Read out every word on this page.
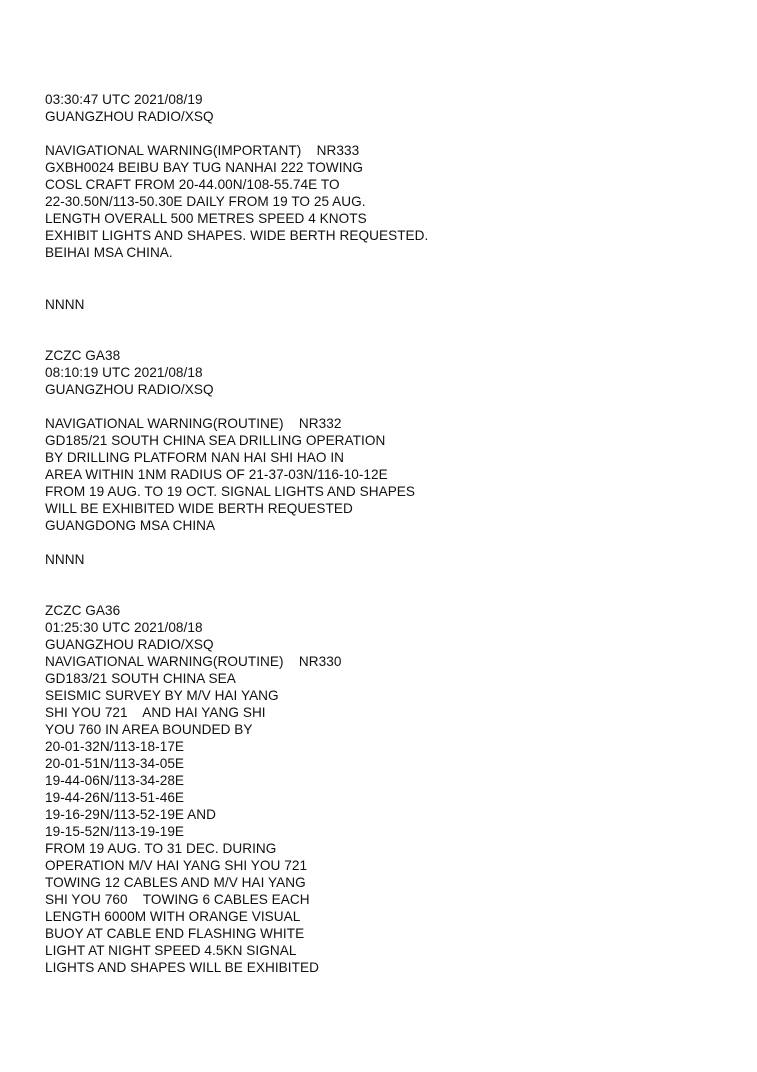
03:30:47 UTC 2021/08/19
GUANGZHOU RADIO/XSQ
NAVIGATIONAL WARNING(IMPORTANT)    NR333
GXBH0024 BEIBU BAY TUG NANHAI 222 TOWING
COSL CRAFT FROM 20-44.00N/108-55.74E TO
22-30.50N/113-50.30E DAILY FROM 19 TO 25 AUG.
LENGTH OVERALL 500 METRES SPEED 4 KNOTS
EXHIBIT LIGHTS AND SHAPES. WIDE BERTH REQUESTED.
BEIHAI MSA CHINA.
NNNN
ZCZC GA38
08:10:19 UTC 2021/08/18
GUANGZHOU RADIO/XSQ
NAVIGATIONAL WARNING(ROUTINE)    NR332
GD185/21 SOUTH CHINA SEA DRILLING OPERATION
BY DRILLING PLATFORM NAN HAI SHI HAO IN
AREA WITHIN 1NM RADIUS OF 21-37-03N/116-10-12E
FROM 19 AUG. TO 19 OCT. SIGNAL LIGHTS AND SHAPES
WILL BE EXHIBITED WIDE BERTH REQUESTED
GUANGDONG MSA CHINA
NNNN
ZCZC GA36
01:25:30 UTC 2021/08/18
GUANGZHOU RADIO/XSQ
NAVIGATIONAL WARNING(ROUTINE)    NR330
GD183/21 SOUTH CHINA SEA
SEISMIC SURVEY BY M/V HAI YANG
SHI YOU 721    AND HAI YANG SHI
YOU 760 IN AREA BOUNDED BY
20-01-32N/113-18-17E
20-01-51N/113-34-05E
19-44-06N/113-34-28E
19-44-26N/113-51-46E
19-16-29N/113-52-19E AND
19-15-52N/113-19-19E
FROM 19 AUG. TO 31 DEC. DURING
OPERATION M/V HAI YANG SHI YOU 721
TOWING 12 CABLES AND M/V HAI YANG
SHI YOU 760    TOWING 6 CABLES EACH
LENGTH 6000M WITH ORANGE VISUAL
BUOY AT CABLE END FLASHING WHITE
LIGHT AT NIGHT SPEED 4.5KN SIGNAL
LIGHTS AND SHAPES WILL BE EXHIBITED
